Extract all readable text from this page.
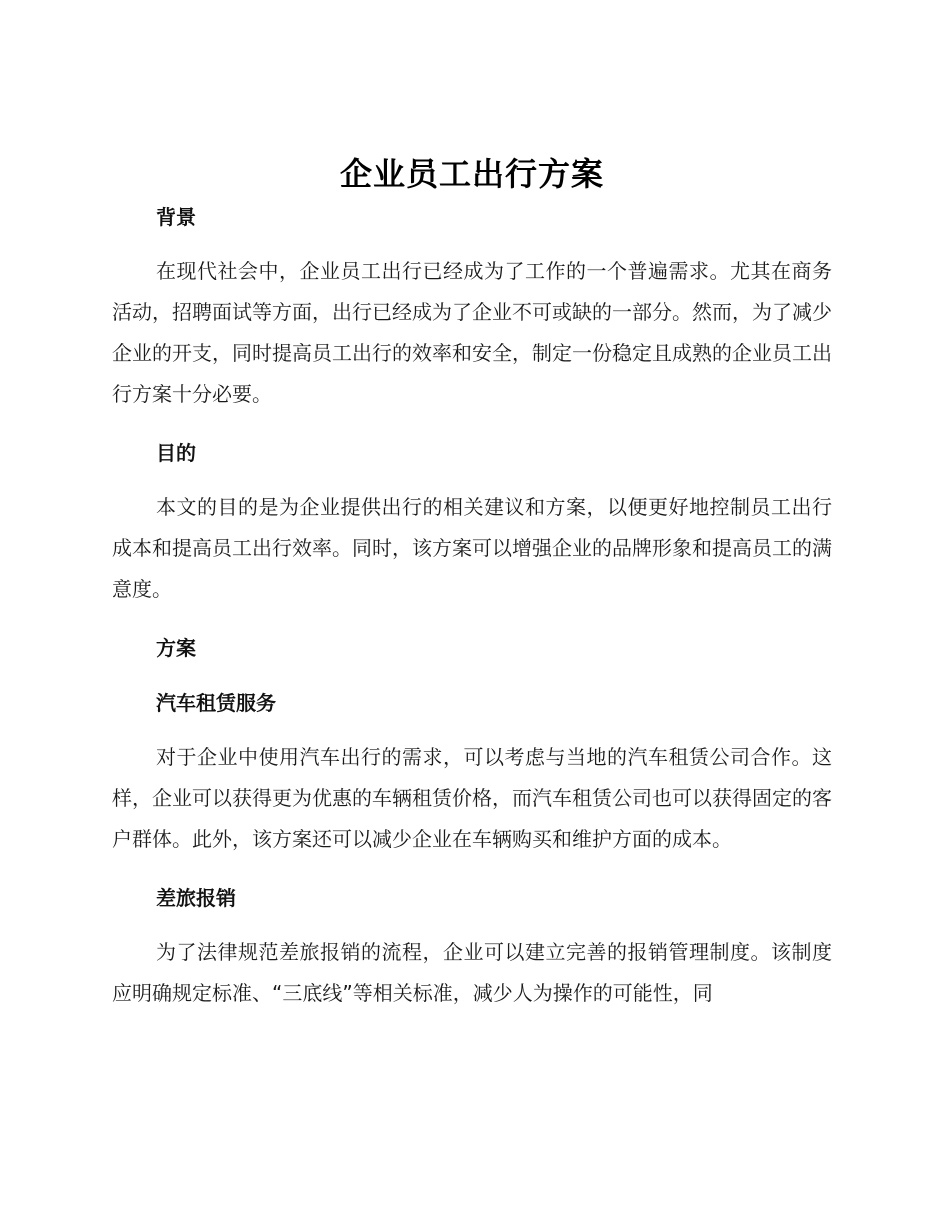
企业员工出行方案
背景

在现代社会中，企业员工出行已经成为了工作的一个普遍需求。尤其在商务活动，招聘面试等方面，出行已经成为了企业不可或缺的一部分。然而，为了减少企业的开支，同时提高员工出行的效率和安全，制定一份稳定且成熟的企业员工出行方案十分必要。

目的

本文的目的是为企业提供出行的相关建议和方案，以便更好地控制员工出行成本和提高员工出行效率。同时，该方案可以增强企业的品牌形象和提高员工的满意度。

方案
汽车租赁服务

对于企业中使用汽车出行的需求，可以考虑与当地的汽车租赁公司合作。这样，企业可以获得更为优惠的车辆租赁价格，而汽车租赁公司也可以获得固定的客户群体。此外，该方案还可以减少企业在车辆购买和维护方面的成本。

差旅报销

为了法律规范差旅报销的流程，企业可以建立完善的报销管理制度。该制度应明确规定标准、“三底线”等相关标准，减少人为操作的可能性，同
